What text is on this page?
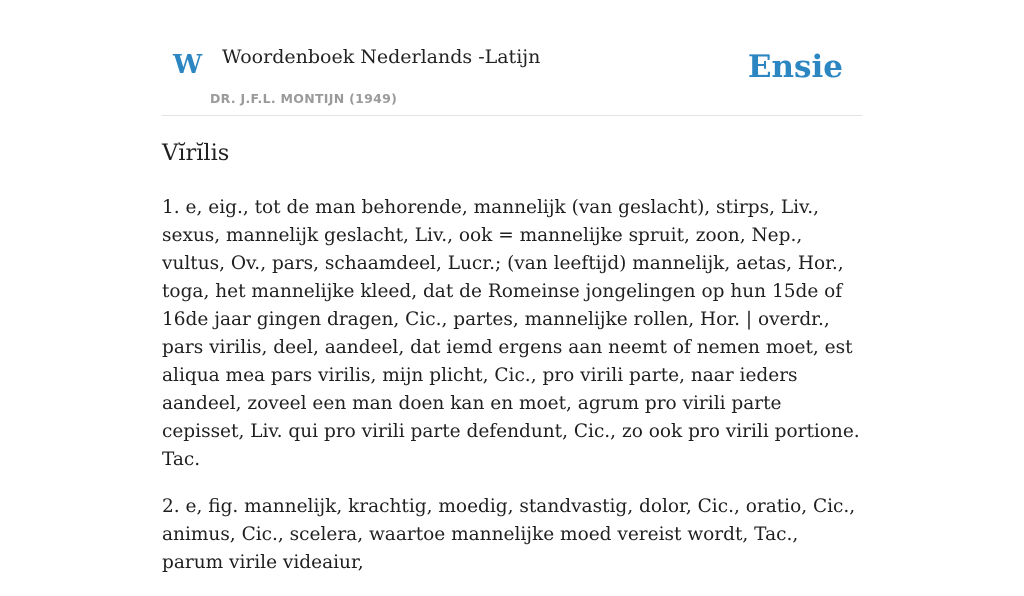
W Woordenboek Nederlands -Latijn
DR. J.F.L. MONTIJN (1949)
Ensie
Vĭrĭlis

1. e, eig., tot de man behorende, mannelijk (van geslacht), stirps, Liv., sexus, mannelijk geslacht, Liv., ook = mannelijke spruit, zoon, Nep., vultus, Ov., pars, schaamdeel, Lucr.; (van leeftijd) mannelijk, aetas, Hor., toga, het mannelijke kleed, dat de Romeinse jongelingen op hun 15de of 16de jaar gingen dragen, Cic., partes, mannelijke rollen, Hor. | overdr., pars virilis, deel, aandeel, dat iemd ergens aan neemt of nemen moet, est aliqua mea pars virilis, mijn plicht, Cic., pro virili parte, naar ieders aandeel, zoveel een man doen kan en moet, agrum pro virili parte cepisset, Liv. qui pro virili parte defendunt, Cic., zo ook pro virili portione. Tac.

2. e, fig. mannelijk, krachtig, moedig, standvastig, dolor, Cic., oratio, Cic., animus, Cic., scelera, waartoe mannelijke moed vereist wordt, Tac., parum virile videaiur,
